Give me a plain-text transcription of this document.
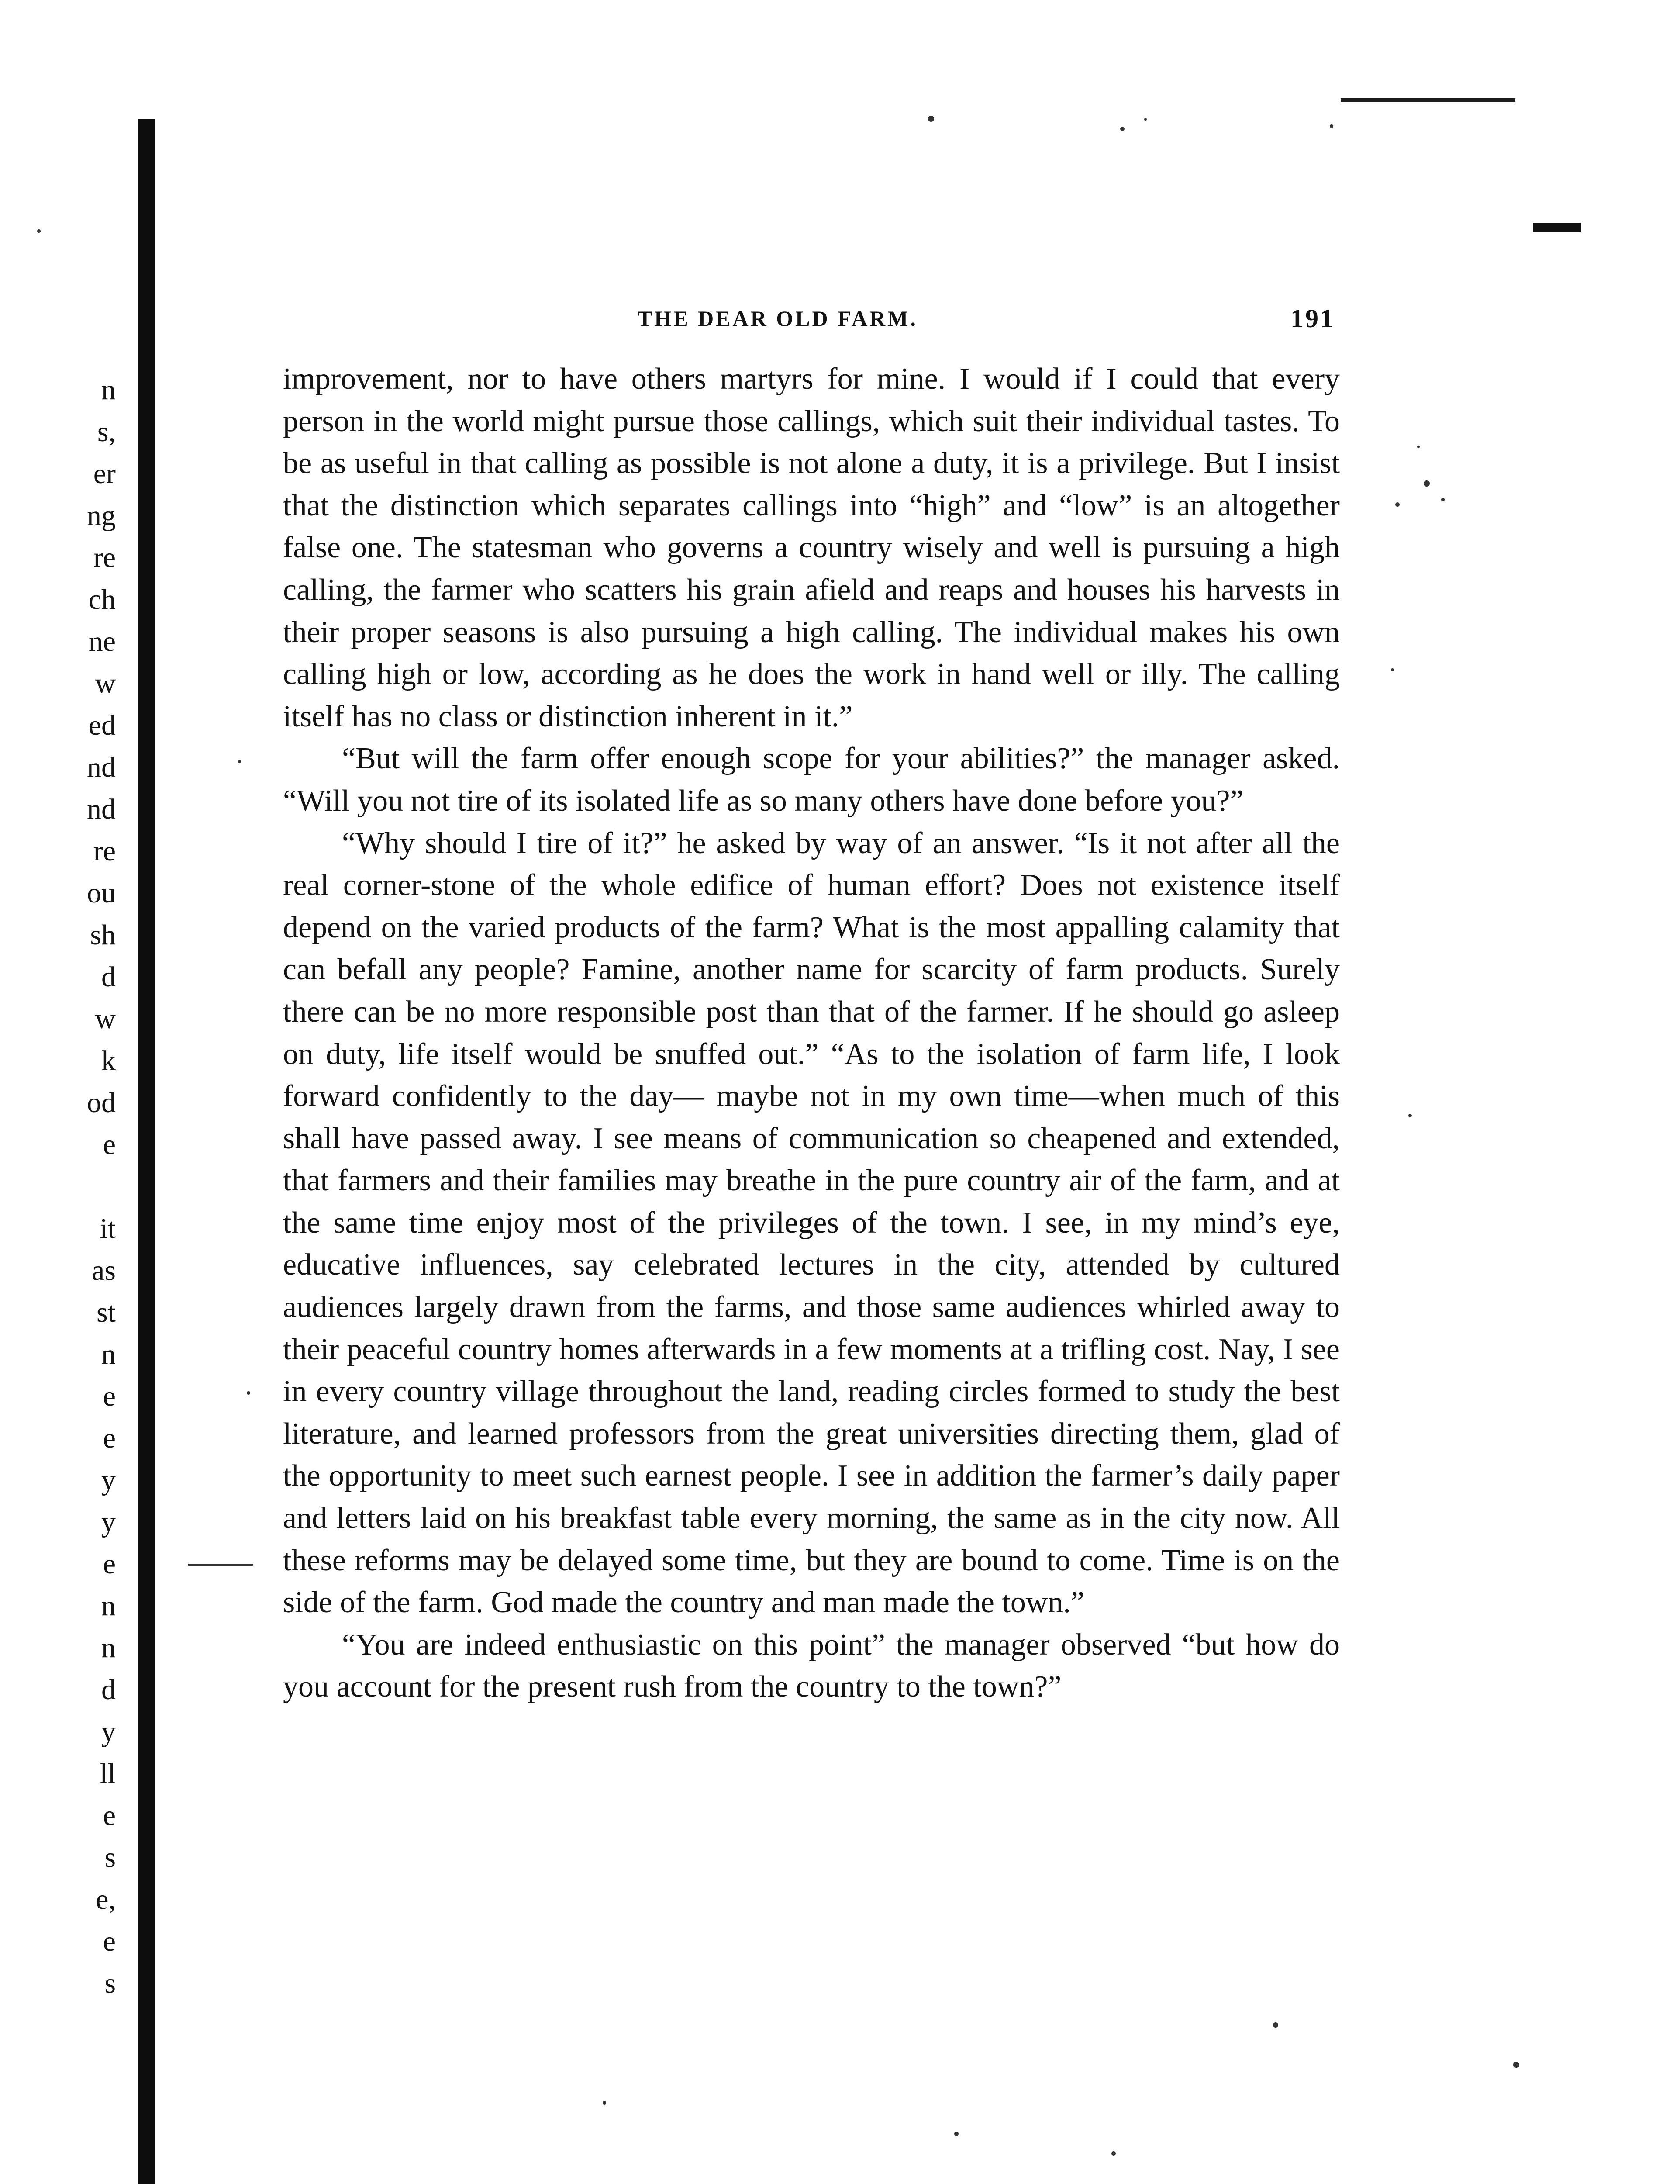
n
s,
er
ng
re
ch
ne
w
ed
nd
nd
re
ou
sh
d
w
k
od
e
it
as
st
n
e
e
y
y
e
n
n
d
y
ll
e
s
e,
e
s
THE DEAR OLD FARM.	191

improvement, nor to have others martyrs for mine. I would if I could that every person in the world might pursue those callings, which suit their individual tastes. To be as useful in that calling as possible is not alone a duty, it is a privilege. But I insist that the distinction which separates callings into “high” and “low” is an altogether false one. The statesman who governs a country wisely and well is pursuing a high calling, the farmer who scatters his grain afield and reaps and houses his harvests in their proper seasons is also pursuing a high calling. The individual makes his own calling high or low, according as he does the work in hand well or illy. The calling itself has no class or distinction inherent in it.”

“But will the farm offer enough scope for your abilities?” the manager asked. “Will you not tire of its isolated life as so many others have done before you?”

“Why should I tire of it?” he asked by way of an answer. “Is it not after all the real corner-stone of the whole edifice of human effort? Does not existence itself depend on the varied products of the farm? What is the most appalling calamity that can befall any people? Famine, another name for scarcity of farm products. Surely there can be no more responsible post than that of the farmer. If he should go asleep on duty, life itself would be snuffed out.” “As to the isolation of farm life, I look forward confidently to the day— maybe not in my own time—when much of this shall have passed away. I see means of communication so cheapened and extended, that farmers and their families may breathe in the pure country air of the farm, and at the same time enjoy most of the privileges of the town. I see, in my mind’s eye, educative influences, say celebrated lectures in the city, attended by cultured audiences largely drawn from the farms, and those same audiences whirled away to their peaceful country homes afterwards in a few moments at a trifling cost. Nay, I see in every country village throughout the land, reading circles formed to study the best literature, and learned professors from the great universities directing them, glad of the opportunity to meet such earnest people. I see in addition the farmer’s daily paper and letters laid on his breakfast table every morning, the same as in the city now. All these reforms may be delayed some time, but they are bound to come. Time is on the side of the farm. God made the country and man made the town.”

“You are indeed enthusiastic on this point” the manager observed “but how do you account for the present rush from the country to the town?”
